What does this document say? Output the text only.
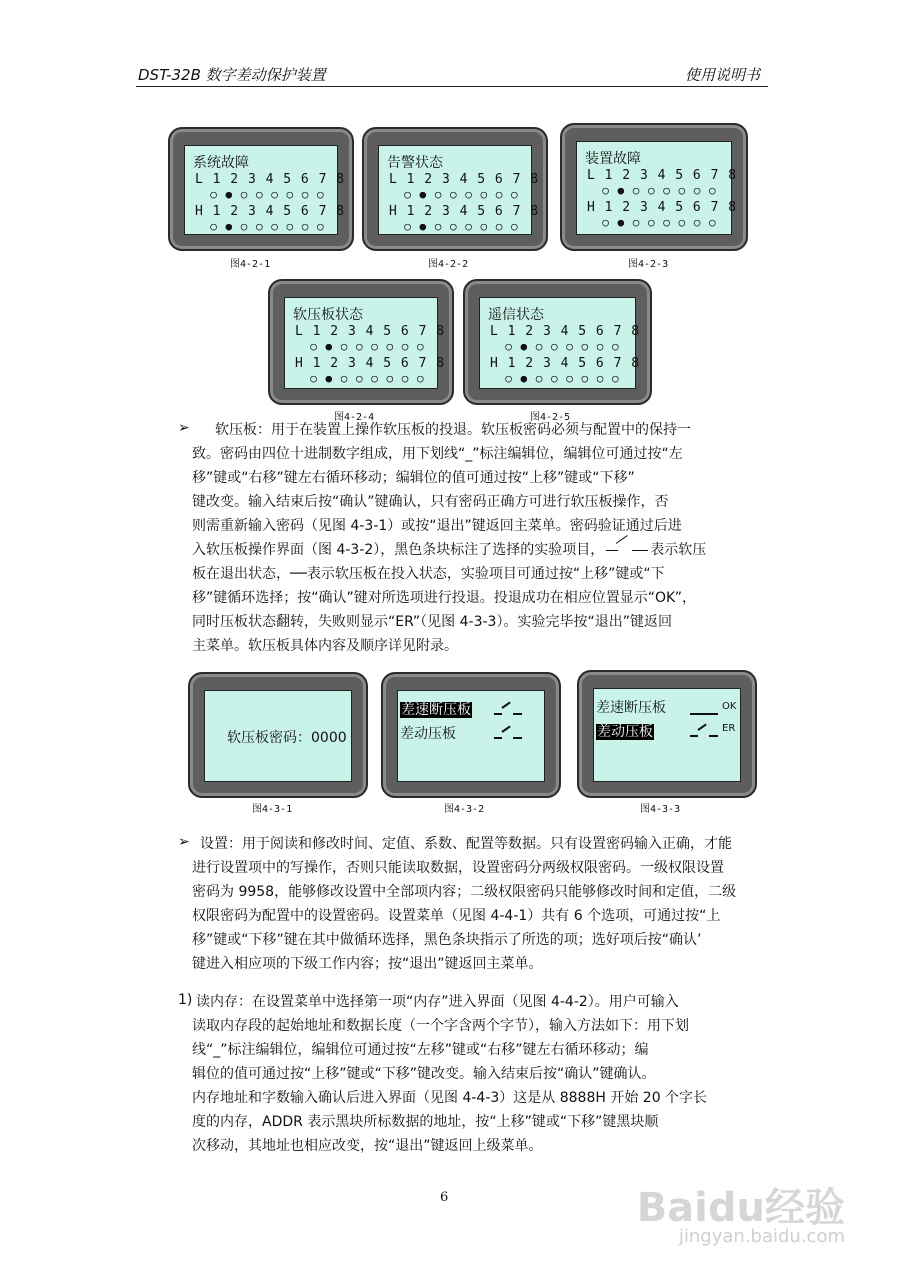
DST-32B 数字差动保护装置	使用说明书
系统故障
L 1 2 3 4 5 6 7 8
○ ● ○ ○ ○ ○ ○ ○
H 1 2 3 4 5 6 7 8
○ ● ○ ○ ○ ○ ○ ○
图4-2-1
告警状态
L 1 2 3 4 5 6 7 8
○ ● ○ ○ ○ ○ ○ ○
H 1 2 3 4 5 6 7 8
○ ● ○ ○ ○ ○ ○ ○
图4-2-2
装置故障
L 1 2 3 4 5 6 7 8
○ ● ○ ○ ○ ○ ○ ○
H 1 2 3 4 5 6 7 8
○ ● ○ ○ ○ ○ ○ ○
图4-2-3
软压板状态
L 1 2 3 4 5 6 7 8
○ ● ○ ○ ○ ○ ○ ○
H 1 2 3 4 5 6 7 8
○ ● ○ ○ ○ ○ ○ ○
图4-2-4
遥信状态
L 1 2 3 4 5 6 7 8
○ ● ○ ○ ○ ○ ○ ○
H 1 2 3 4 5 6 7 8
○ ● ○ ○ ○ ○ ○ ○
图4-2-5
➢ 软压板：用于在装置上操作软压板的投退。软压板密码必须与配置中的保持一

致。密码由四位十进制数字组成，用下划线“_”标注编辑位，编辑位可通过按“左

移”键或“右移”键左右循环移动；编辑位的值可通过按“上移”键或“下移”

键改变。输入结束后按“确认”键确认，只有密码正确方可进行软压板操作，否

则需重新输入密码（见图 4-3-1）或按“退出”键返回主菜单。密码验证通过后进

入软压板操作界面（图 4-3-2），黑色条块标注了选择的实验项目，	表示软压

板在退出状态，──表示软压板在投入状态，实验项目可通过按“上移”键或“下

移”键循环选择；按“确认”键对所选项进行投退。投退成功在相应位置显示“OK”，

同时压板状态翻转，失败则显示“ER”（见图 4-3-3）。实验完毕按“退出”键返回

主菜单。软压板具体内容及顺序详见附录。

软压板密码：0000
图4-3-1
差速断压板
差动压板
图4-3-2
差速断压板
差动压板
OK
ER
图4-3-3
➢ 设置：用于阅读和修改时间、定值、系数、配置等数据。只有设置密码输入正确，才能

进行设置项中的写操作，否则只能读取数据，设置密码分两级权限密码。一级权限设置

密码为 9958，能够修改设置中全部项内容；二级权限密码只能够修改时间和定值，二级

权限密码为配置中的设置密码。设置菜单（见图 4-4-1）共有 6 个选项，可通过按“上

移”键或“下移”键在其中做循环选择，黑色条块指示了所选的项；选好项后按“确认’

键进入相应项的下级工作内容；按“退出”键返回主菜单。

1) 读内存：在设置菜单中选择第一项“内存”进入界面（见图 4-4-2）。用户可输入

读取内存段的起始地址和数据长度（一个字含两个字节），输入方法如下：用下划

线“_”标注编辑位，编辑位可通过按“左移”键或“右移”键左右循环移动；编

辑位的值可通过按“上移”键或“下移”键改变。输入结束后按“确认”键确认。

内存地址和字数输入确认后进入界面（见图 4-4-3）这是从 8888H 开始 20 个字长

度的内存，ADDR 表示黑块所标数据的地址，按“上移”键或“下移”键黑块顺

次移动，其地址也相应改变，按“退出”键返回上级菜单。

6	Baidu经验
jingyan.baidu.com
